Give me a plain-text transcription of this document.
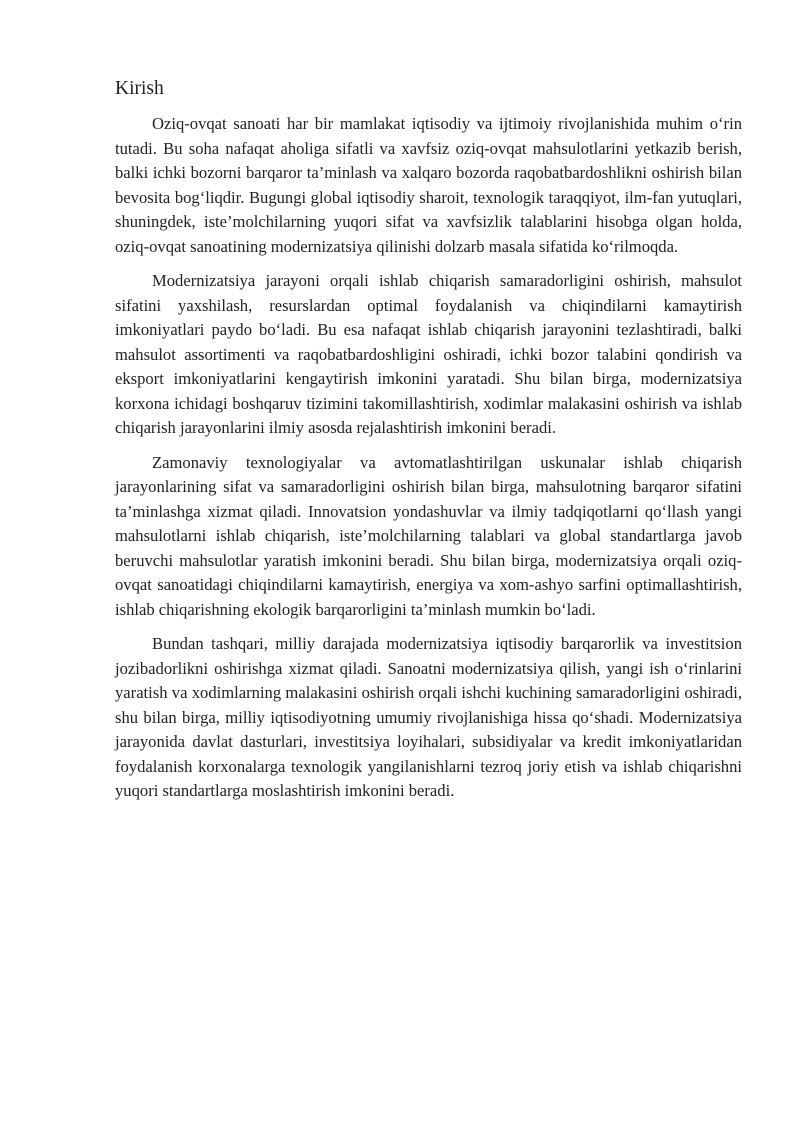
Kirish

Oziq-ovqat sanoati har bir mamlakat iqtisodiy va ijtimoiy rivojlanishida muhim o‘rin tutadi. Bu soha nafaqat aholiga sifatli va xavfsiz oziq-ovqat mahsulotlarini yetkazib berish, balki ichki bozorni barqaror ta’minlash va xalqaro bozorda raqobatbardoshlikni oshirish bilan bevosita bog‘liqdir. Bugungi global iqtisodiy sharoit, texnologik taraqqiyot, ilm-fan yutuqlari, shuningdek, iste’molchilarning yuqori sifat va xavfsizlik talablarini hisobga olgan holda, oziq-ovqat sanoatining modernizatsiya qilinishi dolzarb masala sifatida ko‘rilmoqda.

Modernizatsiya jarayoni orqali ishlab chiqarish samaradorligini oshirish, mahsulot sifatini yaxshilash, resurslardan optimal foydalanish va chiqindilarni kamaytirish imkoniyatlari paydo bo‘ladi. Bu esa nafaqat ishlab chiqarish jarayonini tezlashtiradi, balki mahsulot assortimenti va raqobatbardoshligini oshiradi, ichki bozor talabini qondirish va eksport imkoniyatlarini kengaytirish imkonini yaratadi. Shu bilan birga, modernizatsiya korxona ichidagi boshqaruv tizimini takomillashtirish, xodimlar malakasini oshirish va ishlab chiqarish jarayonlarini ilmiy asosda rejalashtirish imkonini beradi.

Zamonaviy texnologiyalar va avtomatlashtirilgan uskunalar ishlab chiqarish jarayonlarining sifat va samaradorligini oshirish bilan birga, mahsulotning barqaror sifatini ta’minlashga xizmat qiladi. Innovatsion yondashuvlar va ilmiy tadqiqotlarni qo‘llash yangi mahsulotlarni ishlab chiqarish, iste’molchilarning talablari va global standartlarga javob beruvchi mahsulotlar yaratish imkonini beradi. Shu bilan birga, modernizatsiya orqali oziq-ovqat sanoatidagi chiqindilarni kamaytirish, energiya va xom-ashyo sarfini optimallashtirish, ishlab chiqarishning ekologik barqarorligini ta’minlash mumkin bo‘ladi.

Bundan tashqari, milliy darajada modernizatsiya iqtisodiy barqarorlik va investitsion jozibadorlikni oshirishga xizmat qiladi. Sanoatni modernizatsiya qilish, yangi ish o‘rinlarini yaratish va xodimlarning malakasini oshirish orqali ishchi kuchining samaradorligini oshiradi, shu bilan birga, milliy iqtisodiyotning umumiy rivojlanishiga hissa qo‘shadi. Modernizatsiya jarayonida davlat dasturlari, investitsiya loyihalari, subsidiyalar va kredit imkoniyatlaridan foydalanish korxonalarga texnologik yangilanishlarni tezroq joriy etish va ishlab chiqarishni yuqori standartlarga moslashtirish imkonini beradi.
